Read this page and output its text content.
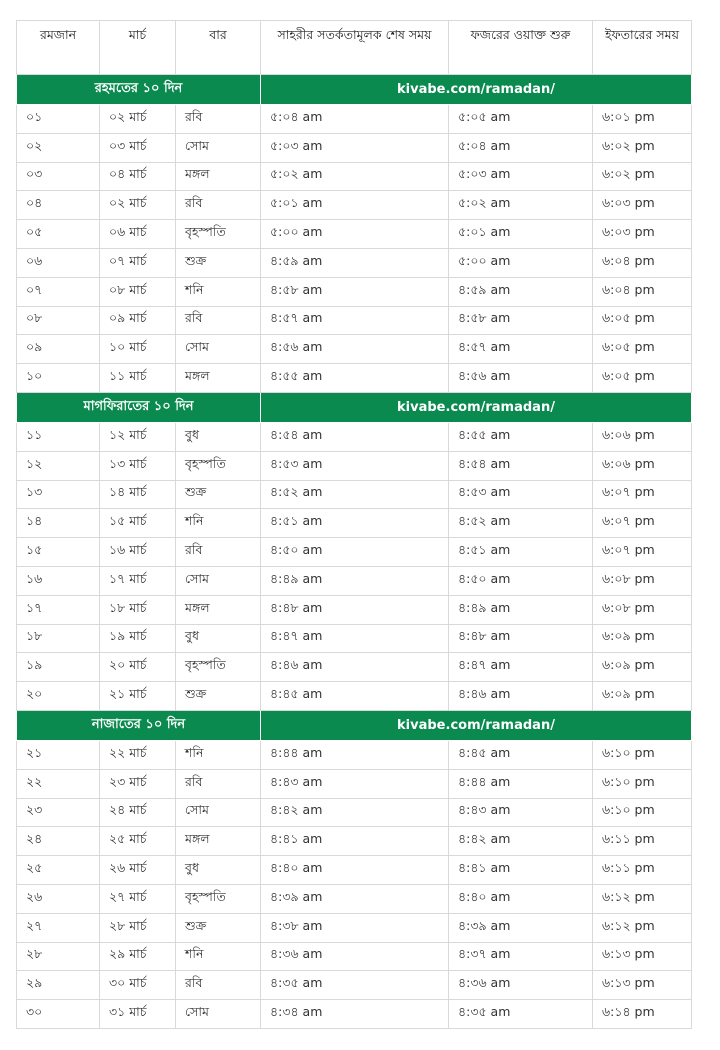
রমজান	মার্চ	বার	সাহরীর সতর্কতামূলক শেষ সময়	ফজরের ওয়াক্ত শুরু	ইফতারের সময়
রহমতের ১০ দিন			kivabe.com/ramadan/		
০১	০২ মার্চ	রবি	৫:০৪ am	৫:০৫ am	৬:০১ pm
০২	০৩ মার্চ	সোম	৫:০৩ am	৫:০৪ am	৬:০২ pm
০৩	০৪ মার্চ	মঙ্গল	৫:০২ am	৫:০৩ am	৬:০২ pm
০৪	০২ মার্চ	রবি	৫:০১ am	৫:০২ am	৬:০৩ pm
০৫	০৬ মার্চ	বৃহস্পতি	৫:০০ am	৫:০১ am	৬:০৩ pm
০৬	০৭ মার্চ	শুক্র	৪:৫৯ am	৫:০০ am	৬:০৪ pm
০৭	০৮ মার্চ	শনি	৪:৫৮ am	৪:৫৯ am	৬:০৪ pm
০৮	০৯ মার্চ	রবি	৪:৫৭ am	৪:৫৮ am	৬:০৫ pm
০৯	১০ মার্চ	সোম	৪:৫৬ am	৪:৫৭ am	৬:০৫ pm
১০	১১ মার্চ	মঙ্গল	৪:৫৫ am	৪:৫৬ am	৬:০৫ pm
মাগফিরাতের ১০ দিন			kivabe.com/ramadan/		
১১	১২ মার্চ	বুধ	৪:৫৪ am	৪:৫৫ am	৬:০৬ pm
১২	১৩ মার্চ	বৃহস্পতি	৪:৫৩ am	৪:৫৪ am	৬:০৬ pm
১৩	১৪ মার্চ	শুক্র	৪:৫২ am	৪:৫৩ am	৬:০৭ pm
১৪	১৫ মার্চ	শনি	৪:৫১ am	৪:৫২ am	৬:০৭ pm
১৫	১৬ মার্চ	রবি	৪:৫০ am	৪:৫১ am	৬:০৭ pm
১৬	১৭ মার্চ	সোম	৪:৪৯ am	৪:৫০ am	৬:০৮ pm
১৭	১৮ মার্চ	মঙ্গল	৪:৪৮ am	৪:৪৯ am	৬:০৮ pm
১৮	১৯ মার্চ	বুধ	৪:৪৭ am	৪:৪৮ am	৬:০৯ pm
১৯	২০ মার্চ	বৃহস্পতি	৪:৪৬ am	৪:৪৭ am	৬:০৯ pm
২০	২১ মার্চ	শুক্র	৪:৪৫ am	৪:৪৬ am	৬:০৯ pm
নাজাতের ১০ দিন			kivabe.com/ramadan/		
২১	২২ মার্চ	শনি	৪:৪৪ am	৪:৪৫ am	৬:১০ pm
২২	২৩ মার্চ	রবি	৪:৪৩ am	৪:৪৪ am	৬:১০ pm
২৩	২৪ মার্চ	সোম	৪:৪২ am	৪:৪৩ am	৬:১০ pm
২৪	২৫ মার্চ	মঙ্গল	৪:৪১ am	৪:৪২ am	৬:১১ pm
২৫	২৬ মার্চ	বুধ	৪:৪০ am	৪:৪১ am	৬:১১ pm
২৬	২৭ মার্চ	বৃহস্পতি	৪:৩৯ am	৪:৪০ am	৬:১২ pm
২৭	২৮ মার্চ	শুক্র	৪:৩৮ am	৪:৩৯ am	৬:১২ pm
২৮	২৯ মার্চ	শনি	৪:৩৬ am	৪:৩৭ am	৬:১৩ pm
২৯	৩০ মার্চ	রবি	৪:৩৫ am	৪:৩৬ am	৬:১৩ pm
৩০	৩১ মার্চ	সোম	৪:৩৪ am	৪:৩৫ am	৬:১৪ pm
